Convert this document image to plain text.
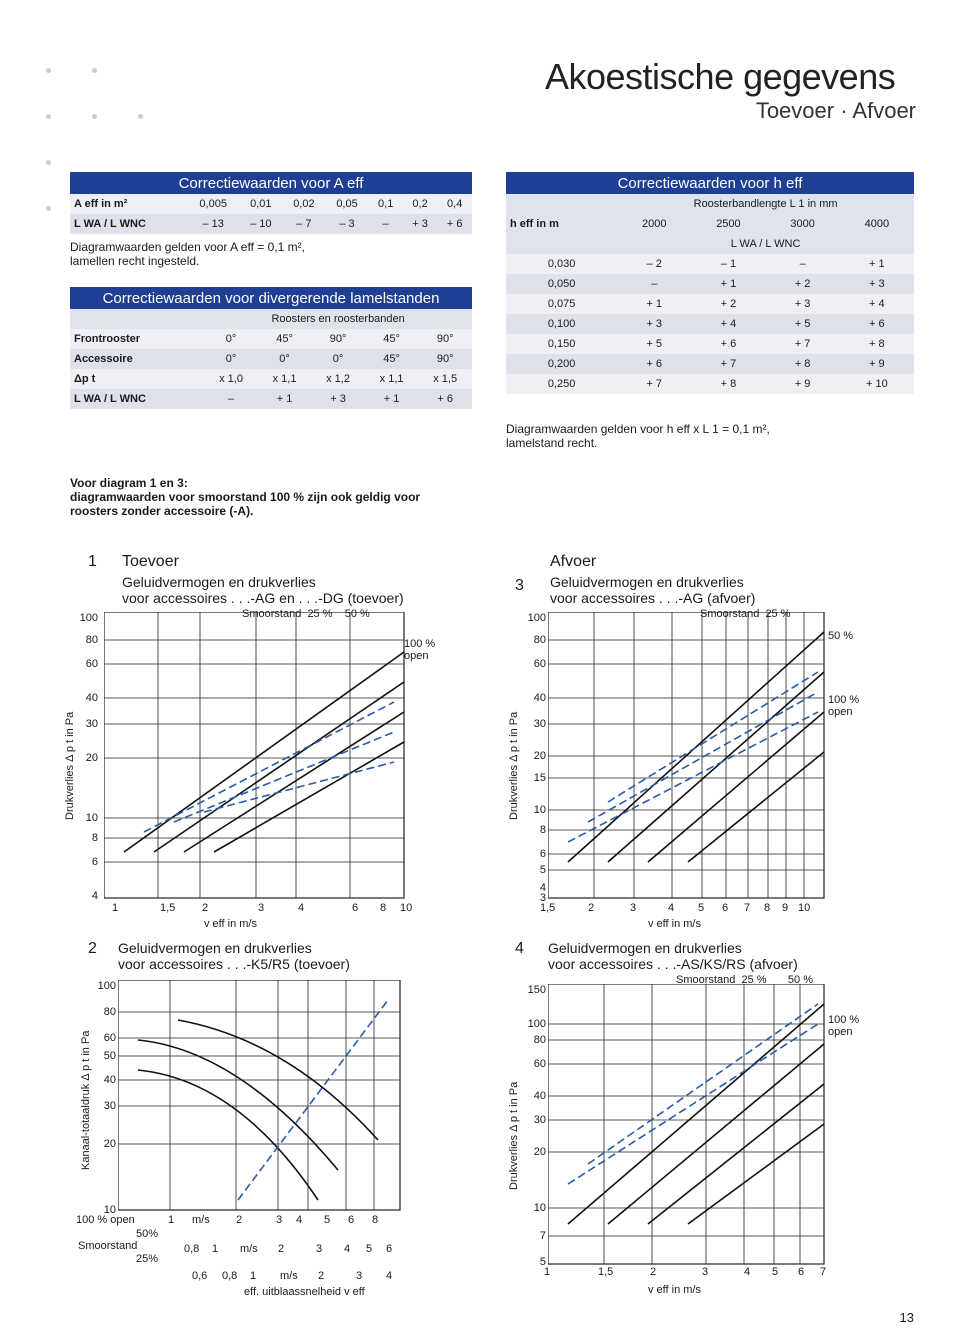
Akoestische gegevens
Toevoer · Afvoer
Correctiewaarden voor A eff							
A eff in m²	0,005	0,01	0,02	0,05	0,1	0,2	0,4
L WA / L WNC	– 13	– 10	– 7	– 3	–	+ 3	+ 6
Diagramwaarden gelden voor A eff = 0,1 m²,
lamellen recht ingesteld.
Correctiewaarden voor divergerende lamelstanden					
	Roosters en roosterbanden				
Frontrooster	0°	45°	90°	45°	90°
Accessoire	0°	0°	0°	45°	90°
Δp t	x 1,0	x 1,1	x 1,2	x 1,1	x 1,5
L WA / L WNC	–	+ 1	+ 3	+ 1	+ 6
Correctiewaarden voor h eff				
	Roosterbandlengte L 1 in mm			
h eff in m	2000	2500	3000	4000
	L WA / L WNC			
0,030	– 2	– 1	–	+ 1
0,050	–	+ 1	+ 2	+ 3
0,075	+ 1	+ 2	+ 3	+ 4
0,100	+ 3	+ 4	+ 5	+ 6
0,150	+ 5	+ 6	+ 7	+ 8
0,200	+ 6	+ 7	+ 8	+ 9
0,250	+ 7	+ 8	+ 9	+ 10
Diagramwaarden gelden voor h eff x L 1 = 0,1 m²,
lamelstand recht.
Voor diagram 1 en 3:
diagramwaarden voor smoorstand 100 % zijn ook geldig voor
roosters zonder accessoire (-A).
1 Toevoer
Geluidvermogen en drukverlies
voor accessoires . . .-AG en . . .-DG (toevoer)
Smoorstand 25 % 50 %
100 %
open
100
80
60
40
30
20
10
8
6
4
Drukverlies Δ p t in Pa
1	1,5 2	3	4	6 8 10
v eff in m/s
3
Afvoer
Geluidvermogen en drukverlies
voor accessoires . . .-AG (afvoer)
Smoorstand 25 %
50 %
100 %
open
100
80
60
40
30
20
15
10
8
6
5
4
3
Drukverlies Δ p t in Pa
1,5	2	3	4 5 6 7 8 9 10
v eff in m/s
2 Geluidvermogen en drukverlies
voor accessoires . . .-K5/R5 (toevoer)
100
80
60
50
40
30
20
10
Kanaal-totaaldruk Δ p t in Pa
100 % open
50%
Smoorstand
25%
1 m/s 2	3 4 5 6 8
0,8 1 m/s 2	3 4 5 6
0,6 0,8 1 m/s 2	3 4
eff. uitblaassnelheid v eff
4 Geluidvermogen en drukverlies
voor accessoires . . .-AS/KS/RS (afvoer)
Smoorstand 25 % 50 %
100 %
open
150
100
80
60
40
30
20
10
7
5
Drukverlies Δ p t in Pa
1	1,5	2	3	4 5 6 7
v eff in m/s
13
